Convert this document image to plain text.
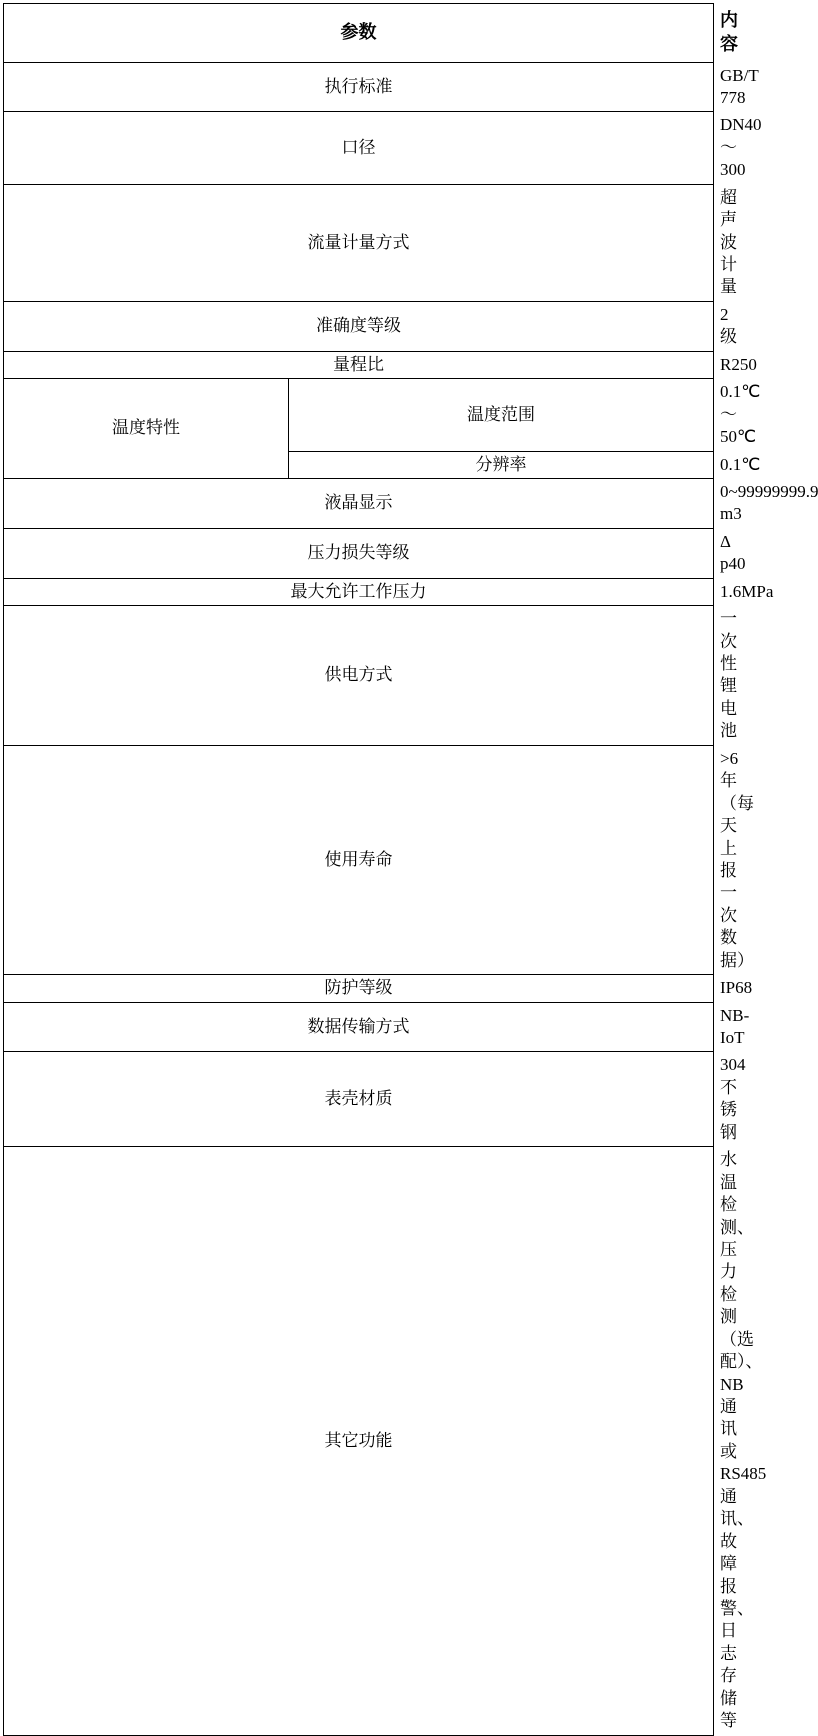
参数		内容
执行标准		GB/T 778
口径		DN40～300
流量计量方式		超声波计量
准确度等级		2 级
量程比		R250
温度特性	温度范围	0.1℃～50℃
	分辨率	0.1℃
液晶显示		0~99999999.9 m3
压力损失等级		Δ p40
最大允许工作压力		1.6MPa
供电方式		一次性锂电池
使用寿命		>6 年（每天上报一次数据）
防护等级		IP68
数据传输方式		NB-IoT
表壳材质		304 不锈钢
其它功能		水温检测、压力检测（选配）、NB 通讯或 RS485 通讯、故障报警、日志存储等
